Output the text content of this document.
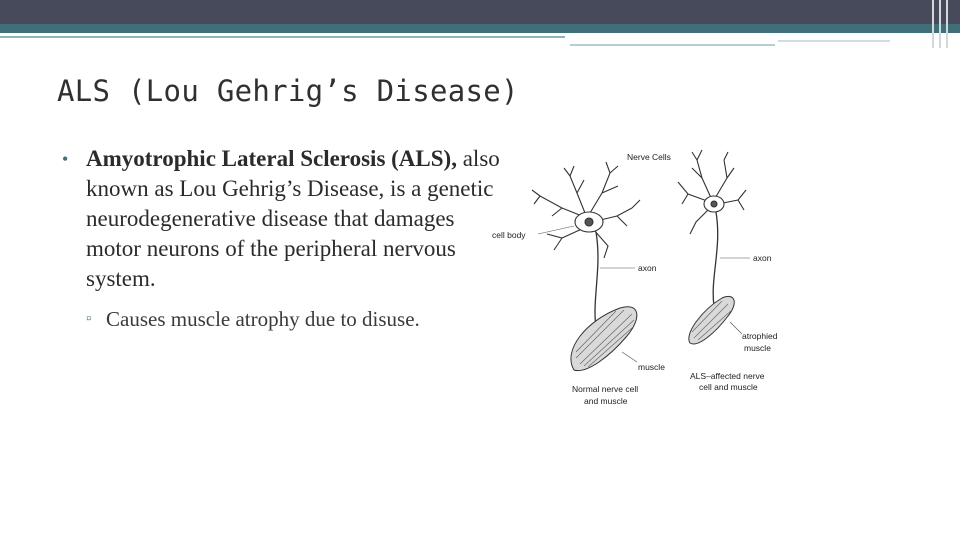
ALS (Lou Gehrig’s Disease)
• Amyotrophic Lateral Sclerosis (ALS), also known as Lou Gehrig’s Disease, is a genetic neurodegenerative disease that damages motor neurons of the peripheral nervous system.
▫ Causes muscle atrophy due to disuse.
Nerve Cells
cell body
axon
axon
muscle
atrophied
muscle
Normal nerve cell
and muscle
ALS–affected nerve
cell and muscle
